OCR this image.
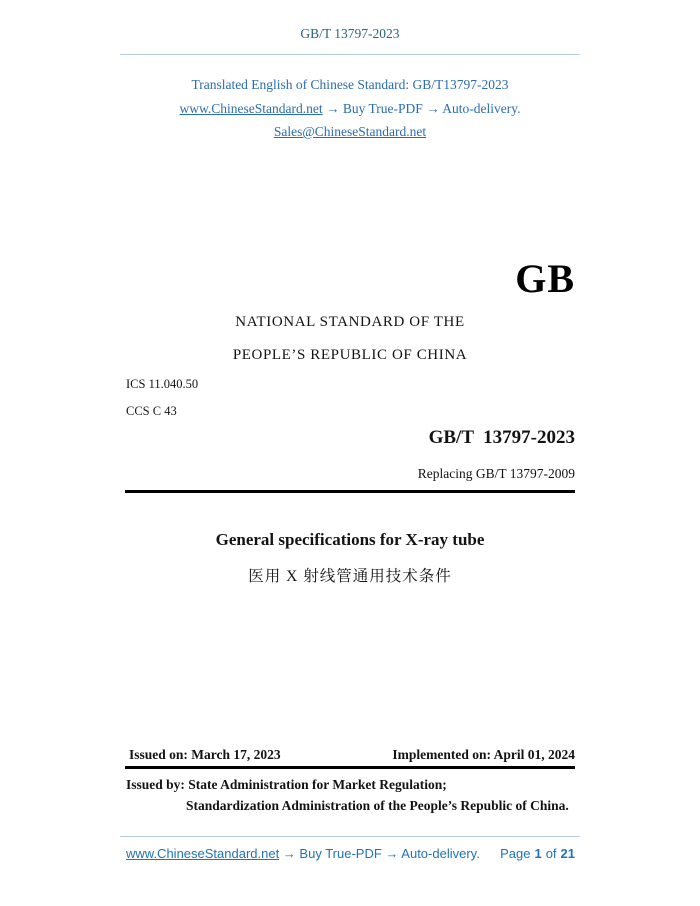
GB/T 13797-2023
Translated English of Chinese Standard: GB/T13797-2023
www.ChineseStandard.net → Buy True-PDF → Auto-delivery.
Sales@ChineseStandard.net
GB
NATIONAL STANDARD OF THE
PEOPLE’S REPUBLIC OF CHINA
ICS 11.040.50
CCS C 43
GB/T  13797-2023
Replacing GB/T 13797-2009
General specifications for X-ray tube
医用 X 射线管通用技术条件
Issued on: March 17, 2023	Implemented on: April 01, 2024
Issued by: State Administration for Market Regulation;
Standardization Administration of the People’s Republic of China.
www.ChineseStandard.net → Buy True-PDF → Auto-delivery. Page 1 of 21
